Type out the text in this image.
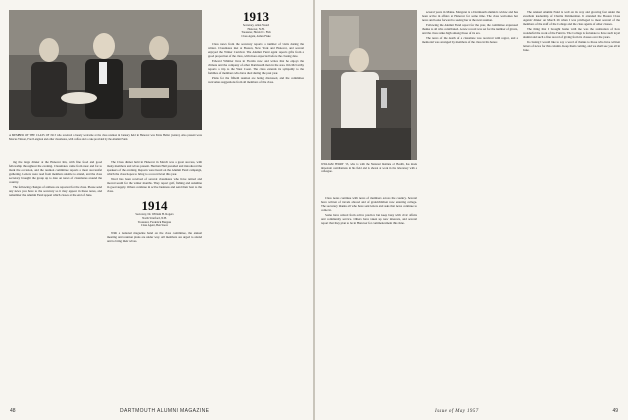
A MEMBER OF THE CLASS OF 1913 who received a hearty welcome at the class reunion in January held in Hanover was Ernie Heller (center). Also present were Marcus Vinson, Fred Langdon and other classmates, with coffee and a cake provided by the Alumni Fund.

ing the large dinner at the Hanover Inn, with fine food and good fellowship throughout the evening. Classmates came from near and far to mark the occasion, and the reunion committee reports a most successful gathering. Letters were read from members unable to attend, and the class secretary brought the group up to date on news of classmates around the country.

The following changes of address are reported for the class. Please send any news you have to the secretary so it may appear in these notes, and remember the Alumni Fund appeal which closes at the end of June.

The Class dinner held in Hanover in March was a great success, with many members and wives present. Herman Hail presided and introduced the speakers of the evening. Reports were heard on the Alumni Fund campaign, which the class hopes to bring to a record level this year.

Word has been received of several classmates who have retired and moved south for the winter months. They report golf, fishing and sunshine in good supply. Others continue in active business and send their best to the class.

1914
Secretary, Dr. William H. Rogers
North Stratford, N.H.
Treasurer, Frederick Burgess
Class Agent, Ben Snow

With a national magazine hand on the class committee, the annual meeting and reunion plans are under way. All members are urged to attend and to bring their wives.

1913
Secretary, Allen Yourd
Hanover, N.H.
Treasurer, Harold C. Fish
Class Agent, Alden Fiske

Class news from the secretary reports a number of visits during the winter. Classmates met at Boston, New York and Hanover, and several enjoyed the Winter Carnival. The Alumni Fund agent reports gifts from a good proportion of the class, with more expected before the closing date.

Edward Whittier lives in Florida now and writes that he enjoys the climate and the company of other Dartmouth men in the area. Jim McCarthy reports a trip to the West Coast. The class extends its sympathy to the families of members who have died during the past year.

Plans for the fiftieth reunion are being discussed, and the committee welcomes suggestions from all members of the class.

48	DARTMOUTH ALUMNI MAGAZINE
WILLIAM FERRY '13, who is with the National Institute of Health, has made important contributions in his field and is shown at work in the laboratory with a colleague.

Class notes continue with news of members across the country. Several have written of travels abroad and of grandchildren now entering college. The secretary thanks all who have sent letters and asks that news continue to come in.

Some have retired from active practice but keep busy with civic affairs and community service. Others have taken up new interests, and several report that they plan to be in Hanover for commencement this June.

several years in Maine. Margaret is a Dartmouth alumna's widow and has been active in affairs at Hanover for some time. The class welcomes her news and looks forward to seeing her at the next reunion.

Following the Alumni Fund report for the year, the committee expressed thanks to all who contributed. A new record was set for the number of givers, and the class ranks high among those of its era.

The news of the death of a classmate was received with regret, and a memorial was arranged by members of the class in his honor.

The Annual Alumni Fund is well on its way and growing fast under the excellent leadership of Charlie Zimmerman. It attended the Boston Class Agents' dinner on March 26 when I was privileged to meet several of the members of the staff of the College and the class agents of other classes.

The thing that I brought home with me was the realization of how wonderful the work of the Fund is. The College is fortunate to have such loyal alumni and such a fine record of giving from its classes over the years.

In closing I would like to say a word of thanks to those who have written letters of news for this column. Keep them coming, and we shall see you all in June.

Issue of May 1957	49
